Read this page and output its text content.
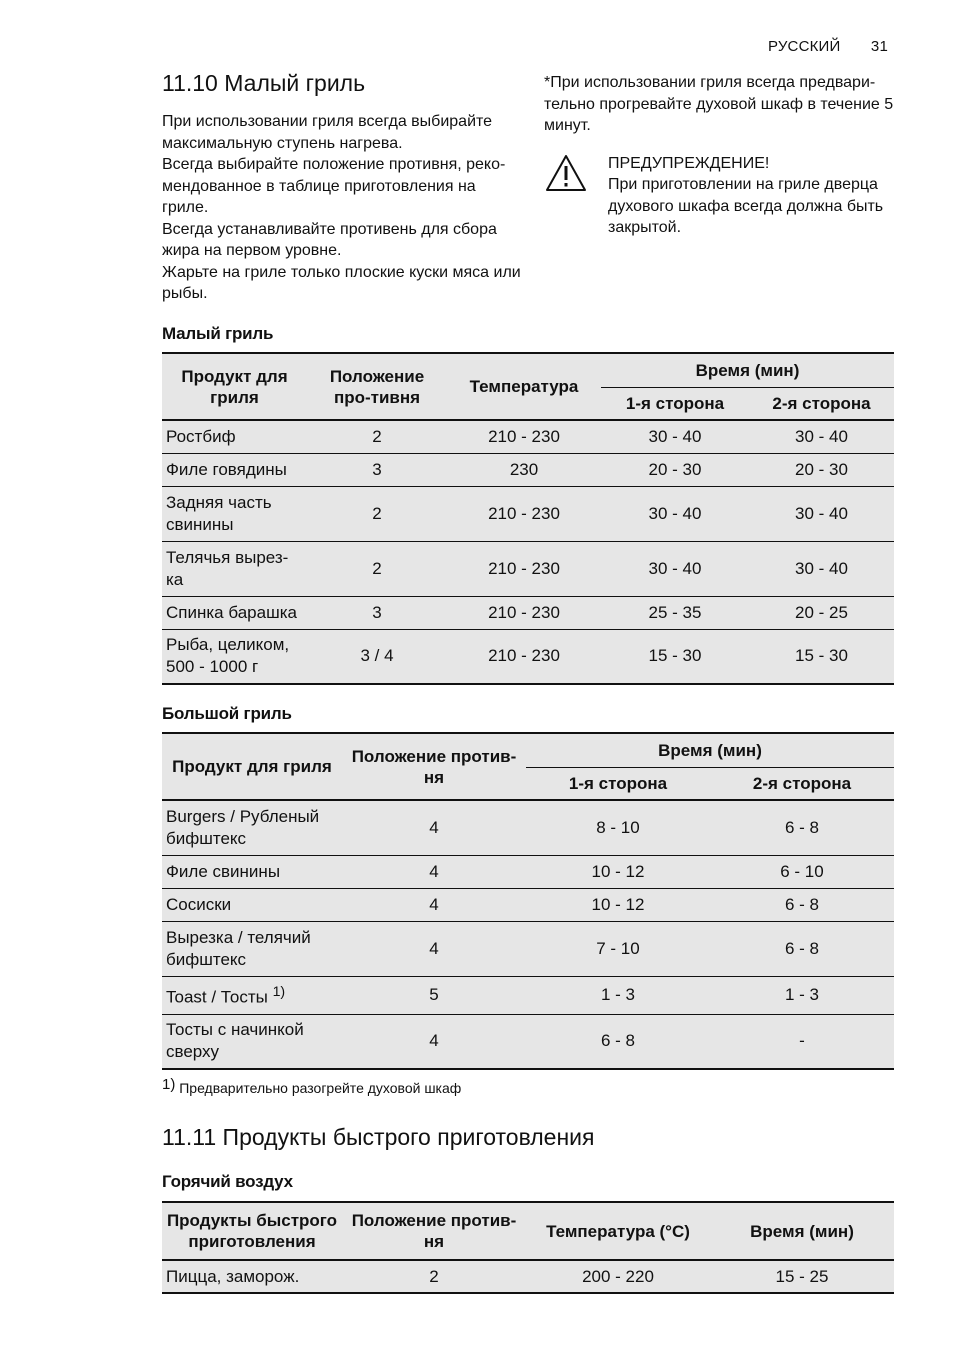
РУССКИЙ 31
11.10 Малый гриль

При использовании гриля всегда выбирайте максимальную ступень нагрева.

Всегда выбирайте положение противня, реко-мендованное в таблице приготовления на гриле.

Всегда устанавливайте противень для сбора жира на первом уровне.

Жарьте на гриле только плоские куски мяса или рыбы.

*При использовании гриля всегда предвари-тельно прогревайте духовой шкаф в течение 5 минут.

ПРЕДУПРЕЖДЕНИЕ!
При приготовлении на гриле дверца духового шкафа всегда должна быть закрытой.
Малый гриль
Продукт для гриля	Положение про-тивня	Температура	Время (мин)	
			1-я сторона	2-я сторона
Ростбиф	2	210 - 230	30 - 40	30 - 40
Филе говядины	3	230	20 - 30	20 - 30
Задняя часть свинины	2	210 - 230	30 - 40	30 - 40
Телячья вырез-ка	2	210 - 230	30 - 40	30 - 40
Спинка барашка	3	210 - 230	25 - 35	20 - 25
Рыба, целиком, 500 - 1000 г	3 / 4	210 - 230	15 - 30	15 - 30
Большой гриль
Продукт для гриля	Положение против-ня	Время (мин)	
		1-я сторона	2-я сторона
Burgers / Рубленый бифштекс	4	8 - 10	6 - 8
Филе свинины	4	10 - 12	6 - 10
Сосиски	4	10 - 12	6 - 8
Вырезка / телячий бифштекс	4	7 - 10	6 - 8
Toast / Тосты $^{1)}$	5	1 - 3	1 - 3
Тосты с начинкой сверху	4	6 - 8	-
$^{1)}$ Предварительно разогрейте духовой шкаф
11.11 Продукты быстрого приготовления
Горячий воздух
Продукты быстрого приготовления	Положение против-ня	Температура (°C)	Время (мин)
Пицца, заморож.	2	200 - 220	15 - 25
